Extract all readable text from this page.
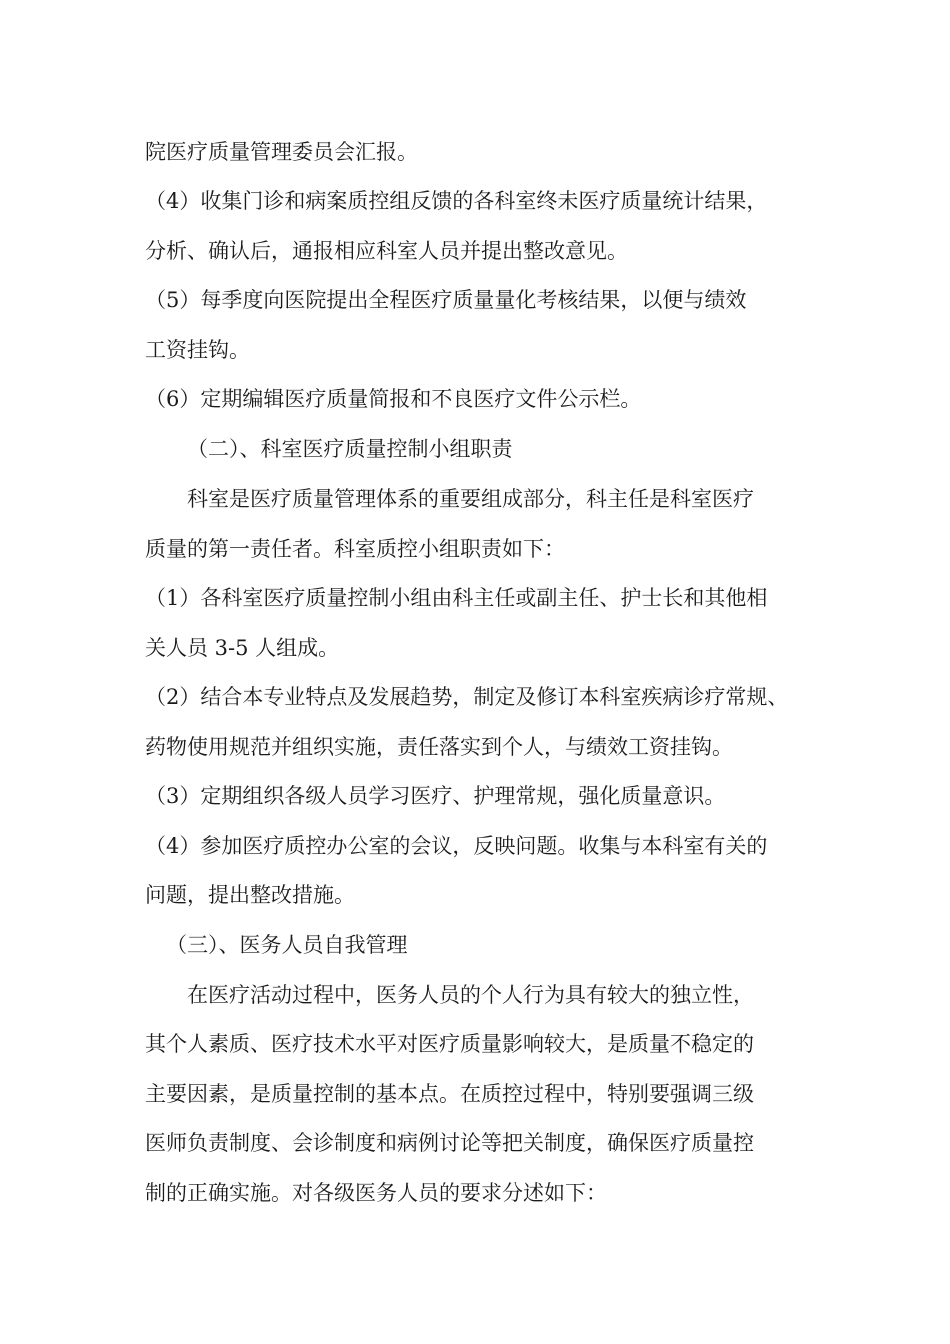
院医疗质量管理委员会汇报。
（4）收集门诊和病案质控组反馈的各科室终未医疗质量统计结果，
分析、确认后，通报相应科室人员并提出整改意见。
（5）每季度向医院提出全程医疗质量量化考核结果，以便与绩效
工资挂钩。
（6）定期编辑医疗质量简报和不良医疗文件公示栏。
（二）、科室医疗质量控制小组职责
科室是医疗质量管理体系的重要组成部分，科主任是科室医疗
质量的第一责任者。科室质控小组职责如下：
（1）各科室医疗质量控制小组由科主任或副主任、护士长和其他相
关人员 3-5 人组成。
（2）结合本专业特点及发展趋势，制定及修订本科室疾病诊疗常规、
药物使用规范并组织实施，责任落实到个人，与绩效工资挂钩。
（3）定期组织各级人员学习医疗、护理常规，强化质量意识。
（4）参加医疗质控办公室的会议，反映问题。收集与本科室有关的
问题，提出整改措施。
（三）、医务人员自我管理
在医疗活动过程中，医务人员的个人行为具有较大的独立性，
其个人素质、医疗技术水平对医疗质量影响较大，是质量不稳定的
主要因素，是质量控制的基本点。在质控过程中，特别要强调三级
医师负责制度、会诊制度和病例讨论等把关制度，确保医疗质量控
制的正确实施。对各级医务人员的要求分述如下：
